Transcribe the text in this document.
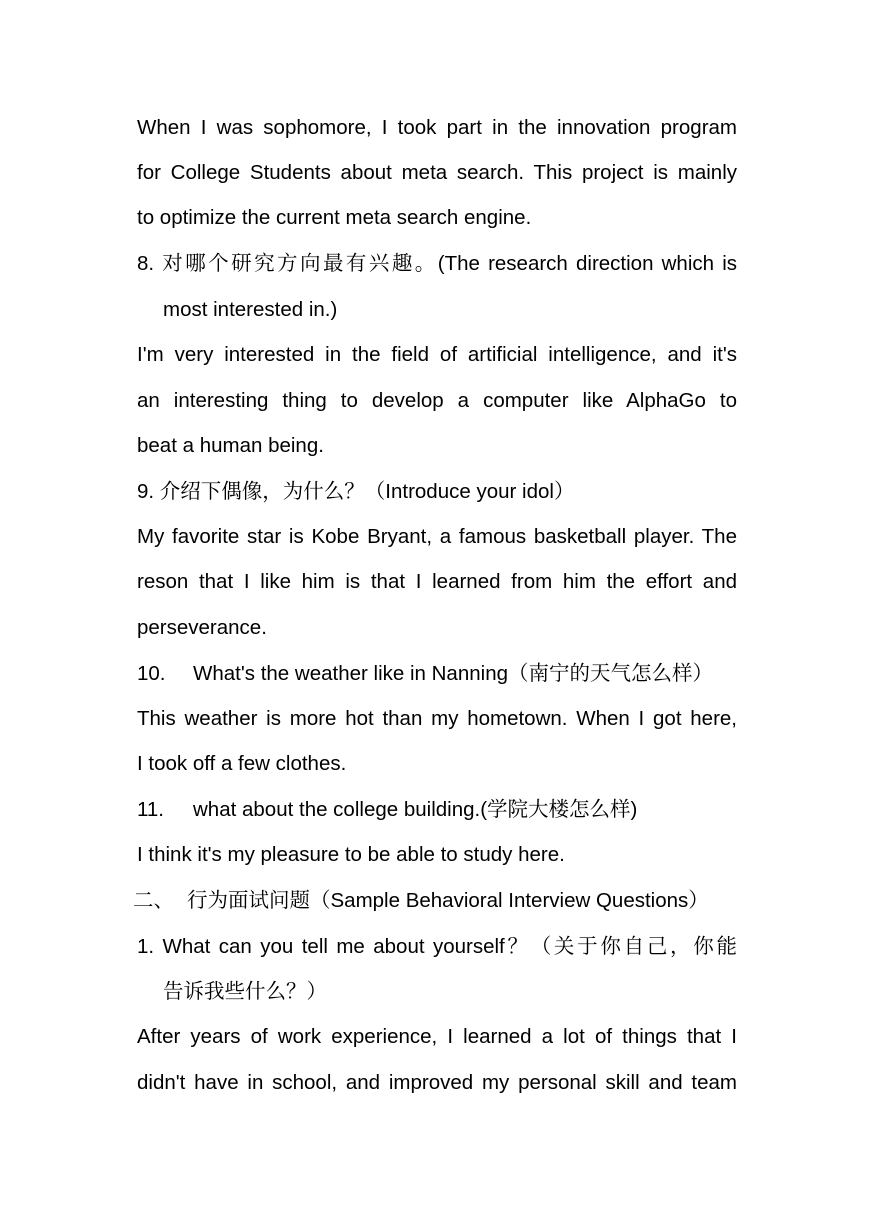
When I was sophomore, I took part in the innovation program
for College Students about meta search. This project is mainly
to optimize the current meta search engine.
8. 对哪个研究方向最有兴趣。(The research direction which is
most interested in.)
I'm very interested in the field of artificial intelligence, and it's
an interesting thing to develop a computer like AlphaGo to
beat a human being.
9. 介绍下偶像，为什么？（Introduce your idol）
My favorite star is Kobe Bryant, a famous basketball player. The
reson that I like him is that I learned from him the effort and
perseverance.
10. What's the weather like in Nanning（南宁的天气怎么样）
This weather is more hot than my hometown. When I got here,
I took off a few clothes.
11. what about the college building.(学院大楼怎么样)
I think it's my pleasure to be able to study here.
二、 行为面试问题（Sample Behavioral Interview Questions）
1. What can you tell me about yourself？（关于你自己，你能
告诉我些什么？）
After years of work experience, I learned a lot of things that I
didn't have in school, and improved my personal skill and team
